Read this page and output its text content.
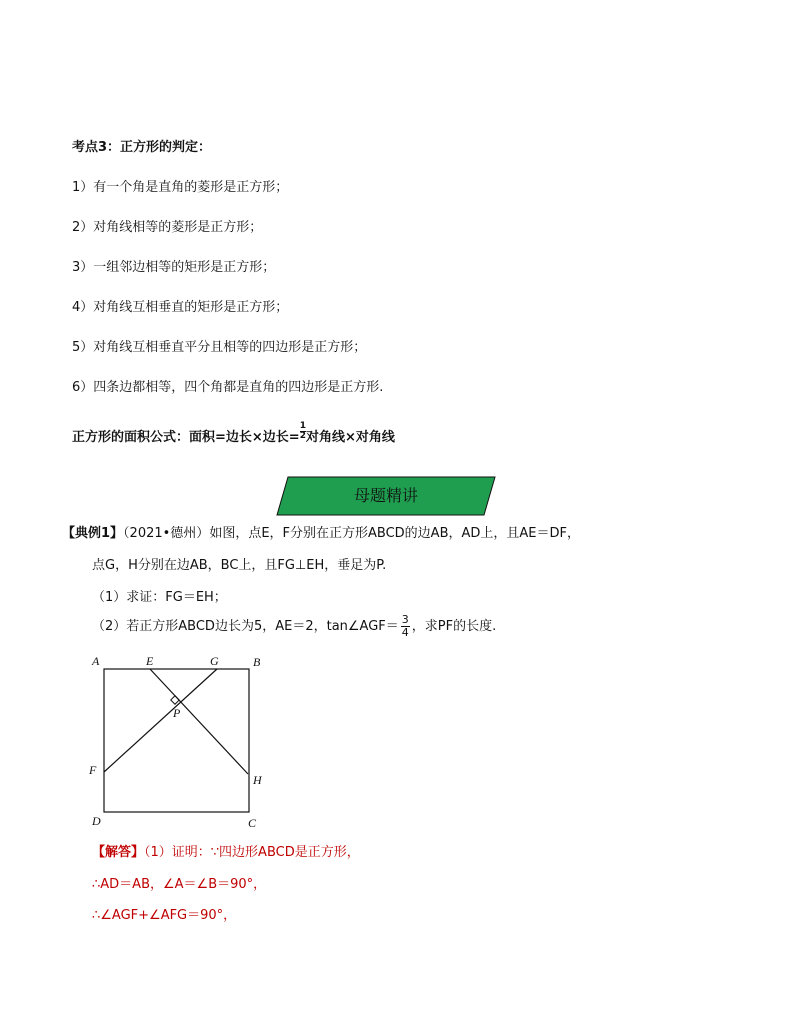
考点3：正方形的判定：
1）有一个角是直角的菱形是正方形；
2）对角线相等的菱形是正方形；
3）一组邻边相等的矩形是正方形；
4）对角线互相垂直的矩形是正方形；
5）对角线互相垂直平分且相等的四边形是正方形；
6）四条边都相等，四个角都是直角的四边形是正方形.
正方形的面积公式：面积=边长×边长= $\frac{1}{2}$ 对角线×对角线
母题精讲
【典例1】（2021•德州）如图，点E，F分别在正方形ABCD的边AB，AD上，且AE＝DF，
点G，H分别在边AB，BC上，且FG⊥EH，垂足为P.
（1）求证：FG＝EH；
（2）若正方形ABCD边长为5，AE＝2，tan∠AGF＝ $\frac{3}{4}$ ，求PF的长度.
A	E	G	B
P
F
H
D	C
【解答】（1）证明：∵四边形ABCD是正方形，
∴AD＝AB，∠A＝∠B＝90°，
∴∠AGF+∠AFG＝90°，
